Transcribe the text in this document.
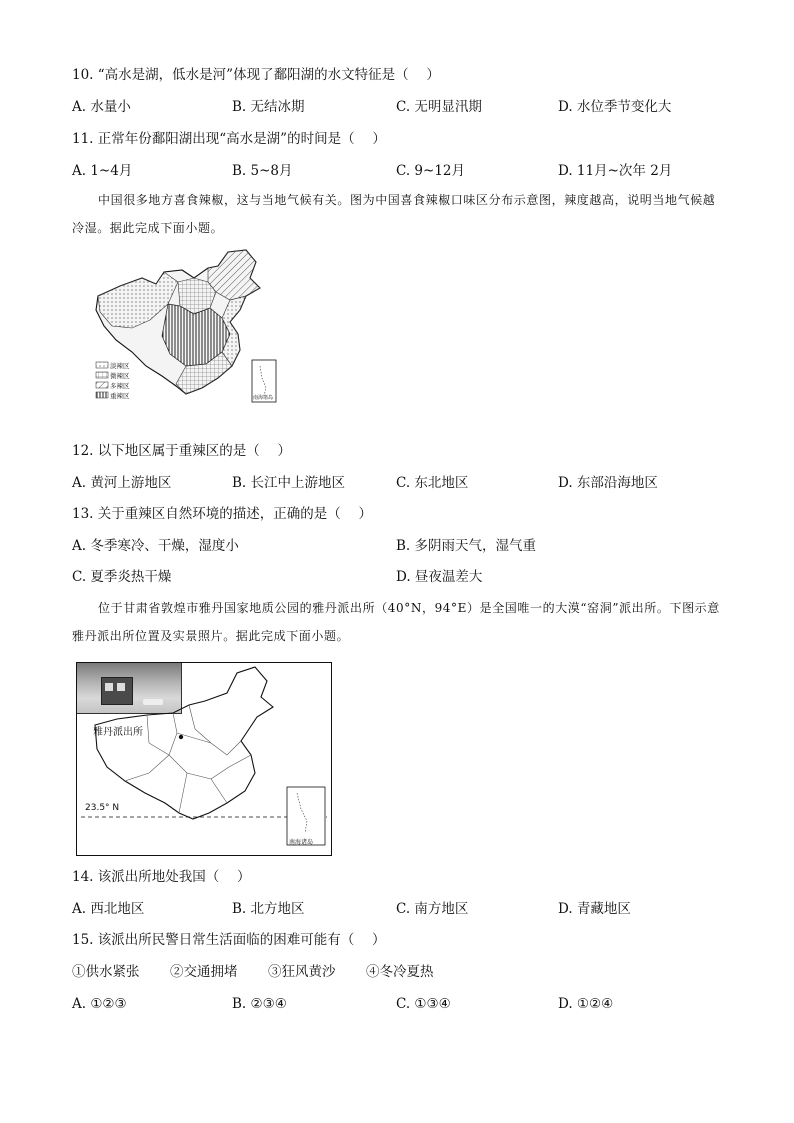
10. “高水是湖，低水是河”体现了鄱阳湖的水文特征是（　 ）
A. 水量小	B. 无结冰期	C. 无明显汛期	D. 水位季节变化大
11. 正常年份鄱阳湖出现“高水是湖”的时间是（　 ）
A. 1~4月	B. 5~8月	C. 9~12月	D. 11月~次年 2月
中国很多地方喜食辣椒，这与当地气候有关。图为中国喜食辣椒口味区分布示意图，辣度越高，说明当地气候越冷湿。据此完成下面小题。
淡辣区
微辣区
多辣区
重辣区	南海诸岛
12. 以下地区属于重辣区的是（　 ）
A. 黄河上游地区	B. 长江中上游地区	C. 东北地区	D. 东部沿海地区
13. 关于重辣区自然环境的描述，正确的是（　 ）
A. 冬季寒冷、干燥，湿度小	B. 多阴雨天气，湿气重
C. 夏季炎热干燥	D. 昼夜温差大
位于甘肃省敦煌市雅丹国家地质公园的雅丹派出所（40°N，94°E）是全国唯一的大漠“窑洞”派出所。下图示意雅丹派出所位置及实景照片。据此完成下面小题。
雅丹派出所
23.5° N
南海诸岛
14. 该派出所地处我国（　 ）
A. 西北地区	B. 北方地区	C. 南方地区	D. 青藏地区
15. 该派出所民警日常生活面临的困难可能有（　 ）
①供水紧张 ②交通拥堵 ③狂风黄沙 ④冬冷夏热
A. ①②③	B. ②③④	C. ①③④	D. ①②④
